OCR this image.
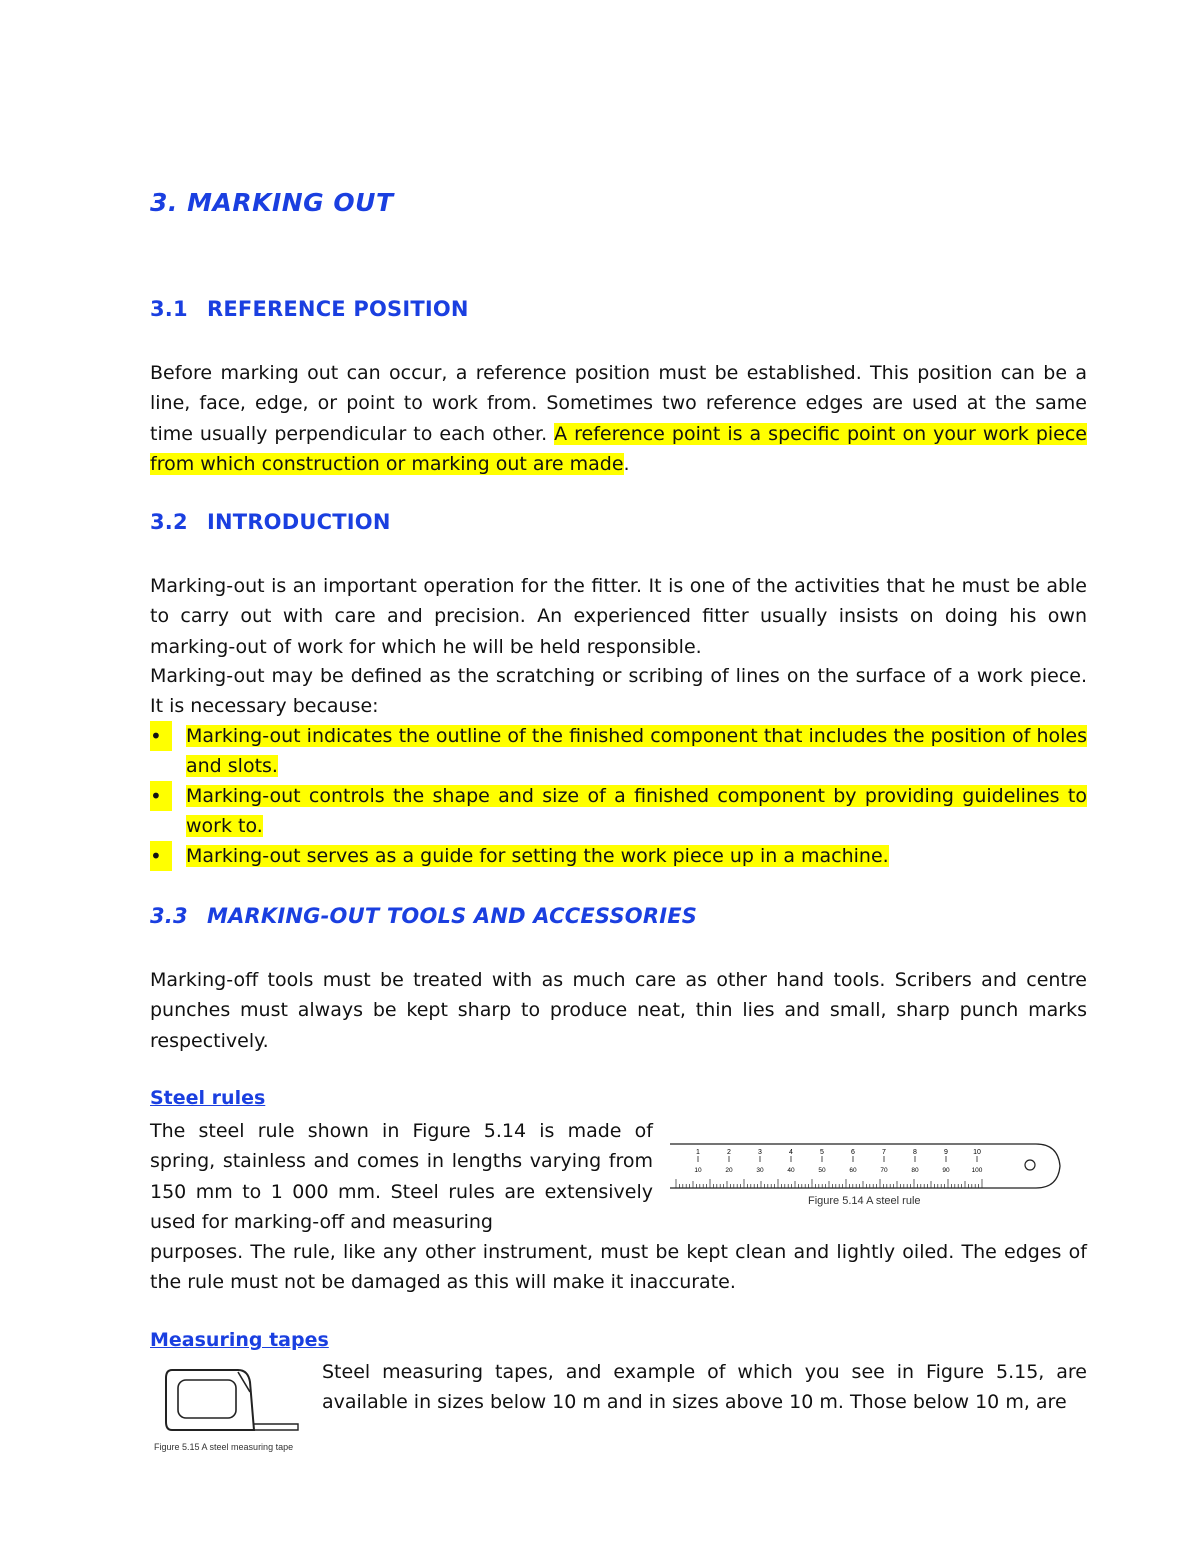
3. MARKING OUT
3.1 REFERENCE POSITION

Before marking out can occur, a reference position must be established. This position can be a line, face, edge, or point to work from. Sometimes two reference edges are used at the same time usually perpendicular to each other. A reference point is a specific point on your work piece from which construction or marking out are made.

3.2 INTRODUCTION

Marking-out is an important operation for the fitter. It is one of the activities that he must be able to carry out with care and precision. An experienced fitter usually insists on doing his own marking-out of work for which he will be held responsible.

Marking-out may be defined as the scratching or scribing of lines on the surface of a work piece. It is necessary because:

•	Marking-out indicates the outline of the finished component that includes the position of holes and slots.
•	Marking-out controls the shape and size of a finished component by providing guidelines to work to.
•	Marking-out serves as a guide for setting the work piece up in a machine.
3.3 MARKING-OUT TOOLS AND ACCESSORIES

Marking-off tools must be treated with as much care as other hand tools. Scribers and centre punches must always be kept sharp to produce neat, thin lies and small, sharp punch marks respectively.

Steel rules

The steel rule shown in Figure 5.14 is made of spring, stainless and comes in lengths varying from 150 mm to 1 000 mm. Steel rules are extensively used for marking-off and measuring

purposes. The rule, like any other instrument, must be kept clean and lightly oiled. The edges of the rule must not be damaged as this will make it inaccurate.

1	2	3	4	5	6	7	8	9	10
10	20	30	40	50	60	70	80	90	100
Figure 5.14 A steel rule

Measuring tapes

Figure 5.15 A steel measuring tape

Steel measuring tapes, and example of which you see in Figure 5.15, are available in sizes below 10 m and in sizes above 10 m. Those below 10 m, are
